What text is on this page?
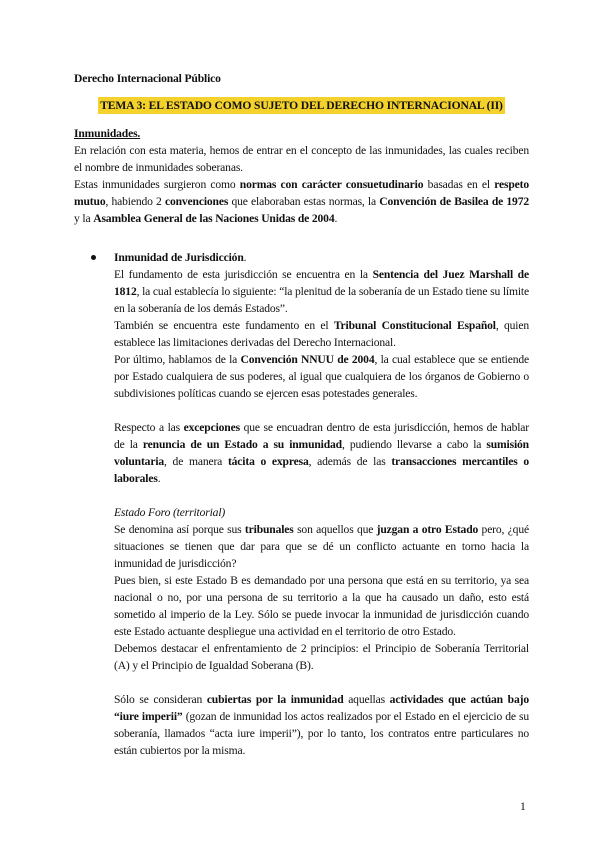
Derecho Internacional Público

TEMA 3: EL ESTADO COMO SUJETO DEL DERECHO INTERNACIONAL (II)

Inmunidades.

En relación con esta materia, hemos de entrar en el concepto de las inmunidades, las cuales reciben el nombre de inmunidades soberanas.

Estas inmunidades surgieron como normas con carácter consuetudinario basadas en el respeto mutuo, habiendo 2 convenciones que elaboraban estas normas, la Convención de Basilea de 1972 y la Asamblea General de las Naciones Unidas de 2004.

Inmunidad de Jurisdicción.

El fundamento de esta jurisdicción se encuentra en la Sentencia del Juez Marshall de 1812, la cual establecía lo siguiente: “la plenitud de la soberanía de un Estado tiene su límite en la soberanía de los demás Estados”.

También se encuentra este fundamento en el Tribunal Constitucional Español, quien establece las limitaciones derivadas del Derecho Internacional.

Por último, hablamos de la Convención NNUU de 2004, la cual establece que se entiende por Estado cualquiera de sus poderes, al igual que cualquiera de los órganos de Gobierno o subdivisiones políticas cuando se ejercen esas potestades generales.

Respecto a las excepciones que se encuadran dentro de esta jurisdicción, hemos de hablar de la renuncia de un Estado a su inmunidad, pudiendo llevarse a cabo la sumisión voluntaria, de manera tácita o expresa, además de las transacciones mercantiles o laborales.

Estado Foro (territorial)

Se denomina así porque sus tribunales son aquellos que juzgan a otro Estado pero, ¿qué situaciones se tienen que dar para que se dé un conflicto actuante en torno hacia la inmunidad de jurisdicción?

Pues bien, si este Estado B es demandado por una persona que está en su territorio, ya sea nacional o no, por una persona de su territorio a la que ha causado un daño, esto está sometido al imperio de la Ley. Sólo se puede invocar la inmunidad de jurisdicción cuando este Estado actuante despliegue una actividad en el territorio de otro Estado.

Debemos destacar el enfrentamiento de 2 principios: el Principio de Soberanía Territorial (A) y el Principio de Igualdad Soberana (B).

Sólo se consideran cubiertas por la inmunidad aquellas actividades que actúan bajo “iure imperii” (gozan de inmunidad los actos realizados por el Estado en el ejercicio de su soberanía, llamados “acta iure imperii”), por lo tanto, los contratos entre particulares no están cubiertos por la misma.

1
